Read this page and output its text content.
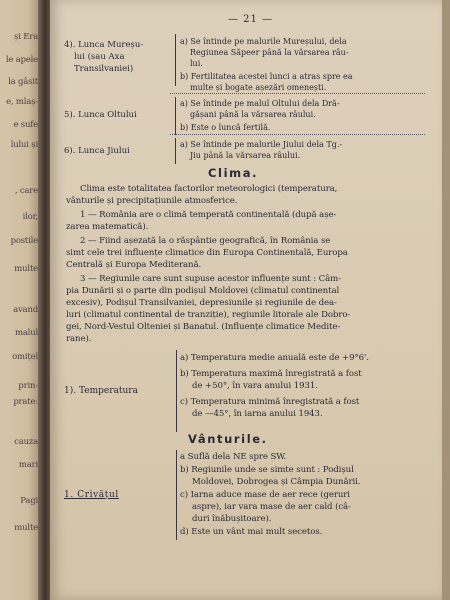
și Era
le apele
la gâsit
e, mlaș-
e sufe
lului și
, care
ilor,
postile
multe
avand
malul
omițel
prin-
prate:
cauza
mari
Pagi
multe
— 21 —
4). Lunca Mureșu-
lui (sau Axa
Transilvaniei)
a) Se întinde pe malurile Mureșului, dela
Regiunea Săpeer până la vărsarea râu-
lui.
b) Fertilitatea acestei lunci a atras spre ea
multe și bogate așezări omenești.
5). Lunca Oltului
a) Se întinde pe malul Oltului dela Dră-
gășani până la vărsarea râului.
b) Este o luncă fertilă.
6). Lunca Jiului
a) Se întinde pe malurile Jiului dela Tg.-
Jiu până la vărsarea râului.
Clima.
Clima este totalitatea factorilor meteorologici (temperatura,
vânturile și precipitațiunile atmosferice.
1 — România are o climă temperată continentală (după așe-
zarea matematică).
2 — Fiind așezată la o răspântie geografică, în România se
simt cele trei influențe climatice din Europa Continentală, Europa
Centrală și Europa Mediterană.
3 — Regiunile care sunt supuse acestor influențe sunt : Câm-
pia Dunării și o parte din podișul Moldovei (climatul continental
excesiv), Podișul Transilvaniei, depresiunile și regiunile de dea-
luri (climatul continental de tranziție), regiunile litorale ale Dobro-
gei, Nord-Vestul Olteniei și Banatul. (Influențe climatice Medite-
rane).
1). Temperatura
a) Temperatura medie anuală este de +9°6'.
b) Temperatura maximă înregistrată a fost
de +50°, în vara anului 1931.
c) Temperatura minimă înregistrată a fost
de —45°, în iarna anului 1943.
Vânturile.
1. Crivățul
a Suflă dela NE spre SW.
b) Regiunile unde se simte sunt : Podișul
Moldovei, Dobrogea și Câmpia Dunării.
c) Iarna aduce mase de aer rece (geruri
aspre), iar vara mase de aer cald (câ-
duri înăbușitoare).
d) Este un vânt mai mult secetos.
